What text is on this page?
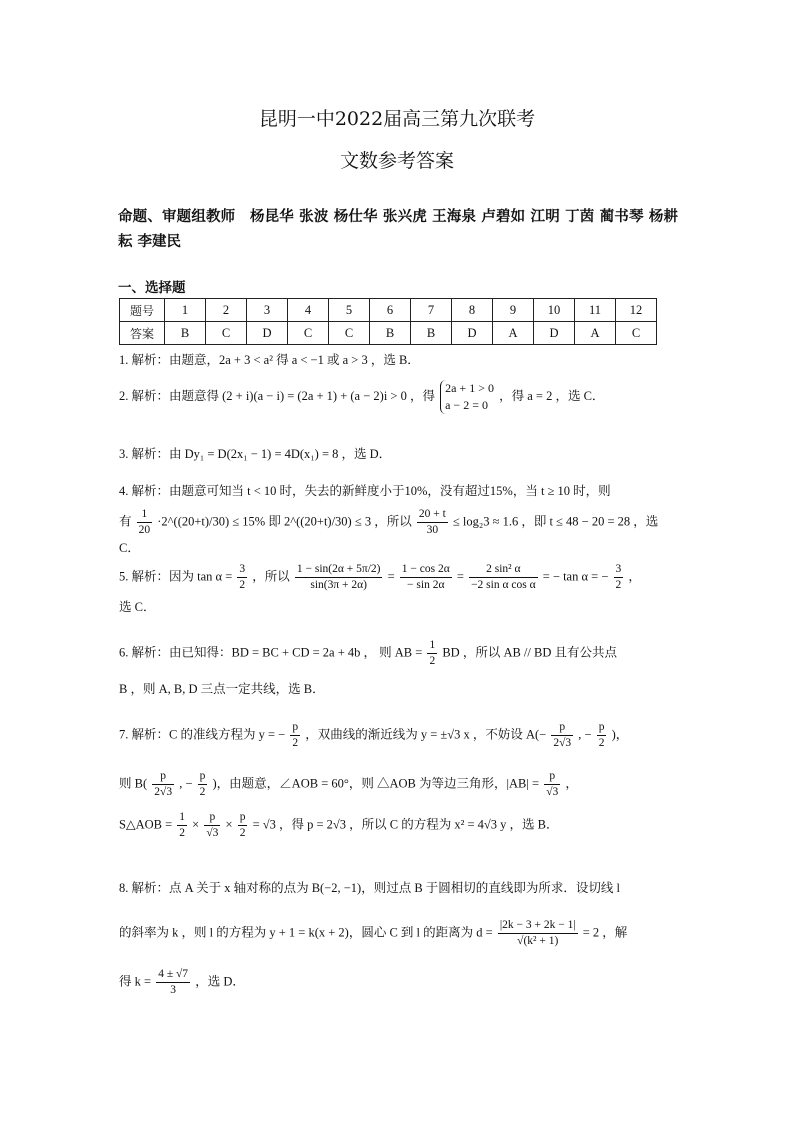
昆明一中2022届高三第九次联考
文数参考答案
命题、审题组教师　杨昆华 张波 杨仕华 张兴虎 王海泉 卢碧如 江明 丁茵 蔺书琴 杨耕耘 李建民
一、选择题
题号	1	2	3	4	5	6	7	8	9	10	11	12
答案	B	C	D	C	C	B	B	D	A	D	A	C
1. 解析：由题意，2a + 3 < a² 得 a < −1 或 a > 3 ，选 B．
2. 解析：由题意得 (2 + i)(a − i) = (2a + 1) + (a − 2)i > 0 ，得
2a + 1 > 0
a − 2 = 0
，得 a = 2 ，选 C．
3. 解析：由 Dy₁ = D(2x₁ − 1) = 4D(x₁) = 8 ，选 D．
4. 解析：由题意可知当 t < 10 时，失去的新鲜度小于10%，没有超过15%，当 t ≥ 10 时，则
有 $\frac{1}{20}$ ·2^((20+t)/30) ≤ 15% 即 2^((20+t)/30) ≤ 3 ，所以 $\frac{20 + t}{30} \le \log_23 \approx 1.6$ ，即 t ≤ 48 − 20 = 28 ，选 C．
5. 解析：因为 $\tan \alpha = \frac{3}{2}$ ，所以 $\frac{1 - \sin(2\alpha + 5\pi/2)}{\sin(3\pi + 2\alpha)} = \frac{1 - \cos 2\alpha}{- \sin 2\alpha} = \frac{\text{2 sin² α}}{\text{−2 sin α cos α}}$ = − tan α = − $\frac{3}{2}$ ，
选 C．
6. 解析：由已知得：BD = BC + CD = 2a + 4b ， 则 AB = $\frac{1}{2}$ BD ，所以 AB // BD 且有公共点
B ，则 A, B, D 三点一定共线，选 B．
7. 解析：C 的准线方程为 y = − $\frac{p}{2}$ ，双曲线的渐近线为 y = ±√3 x ，不妨设 $A(- \frac{p}{2√3}$ , − $\frac{p}{2}$ )，
则 $B( \frac{p}{2√3}$ , − $\frac{p}{2}$ )，由题意，∠AOB = 60°，则 △AOB 为等边三角形，$|AB| = \frac{p}{√3}$ ，
S△AOB = $\frac{1}{2} \times \frac{p}{√3} \times \frac{p}{2} = √3$ ，得 p = 2√3 ，所以 C 的方程为 x² = 4√3 y ，选 B．
8. 解析：点 A 关于 x 轴对称的点为 B(−2, −1)，则过点 B 于圆相切的直线即为所求．设切线 l
的斜率为 k ，则 l 的方程为 y + 1 = k(x + 2)，圆心 C 到 l 的距离为 $d = \frac{|2k - 3 + 2k - 1|}{\text{√(k² + 1)}} = 2$ ，解
得 $k = \frac{4 \pm √7}{3}$ ，选 D．
